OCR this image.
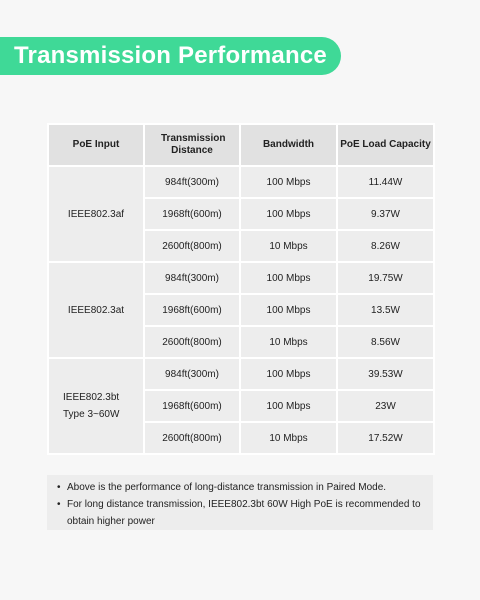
Transmission Performance
PoE Input	Transmission Distance	Bandwidth	PoE Load Capacity
IEEE802.3af	984ft(300m)	100 Mbps	11.44W
	1968ft(600m)	100 Mbps	9.37W
	2600ft(800m)	10 Mbps	8.26W
IEEE802.3at	984ft(300m)	100 Mbps	19.75W
	1968ft(600m)	100 Mbps	13.5W
	2600ft(800m)	10 Mbps	8.56W

IEEE802.3bt Type 3~60W	984ft(300m)	100 Mbps	39.53W
	1968ft(600m)	100 Mbps	23W
	2600ft(800m)	10 Mbps	17.52W
• Above is the performance of long-distance transmission in Paired Mode.
• For long distance transmission, IEEE802.3bt 60W High PoE is recommended to obtain higher power
